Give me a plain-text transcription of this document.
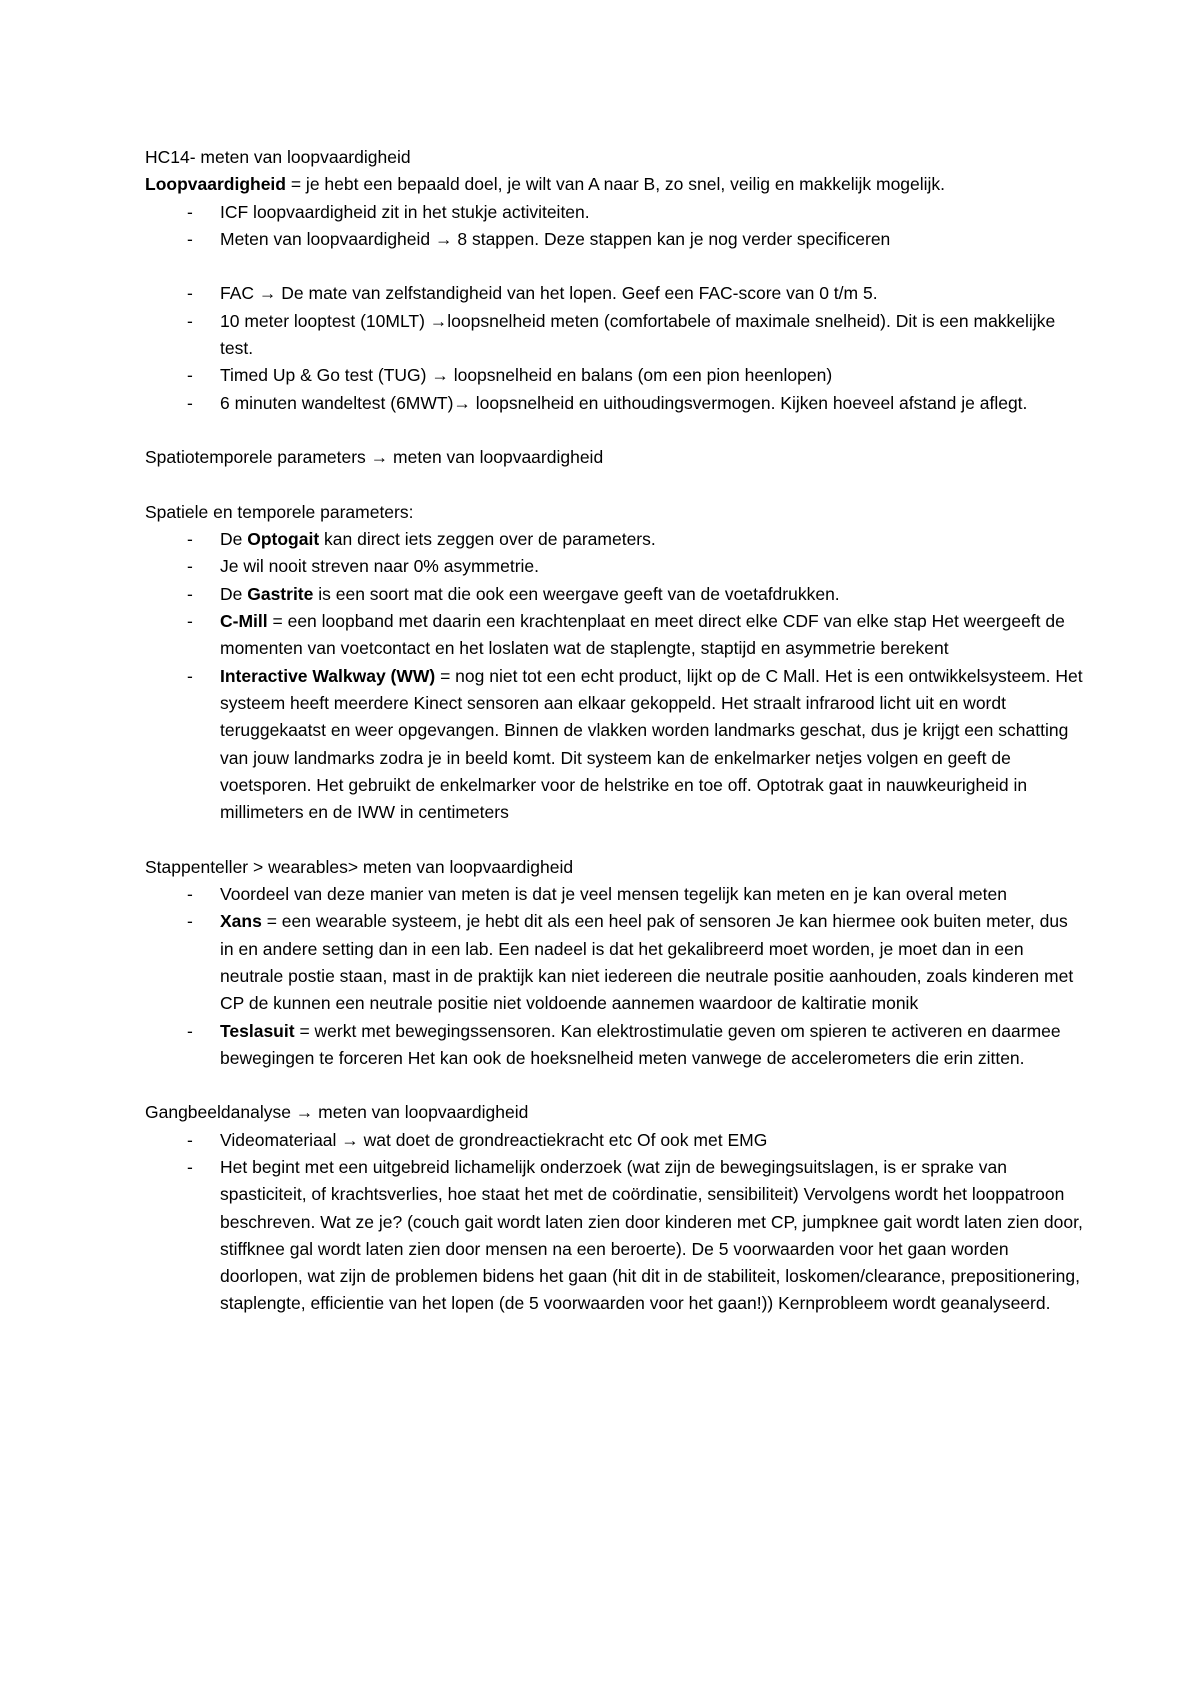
HC14- meten van loopvaardigheid

Loopvaardigheid = je hebt een bepaald doel, je wilt van A naar B, zo snel, veilig en makkelijk mogelijk.

- ICF loopvaardigheid zit in het stukje activiteiten.
- Meten van loopvaardigheid → 8 stappen. Deze stappen kan je nog verder specificeren
- FAC → De mate van zelfstandigheid van het lopen. Geef een FAC-score van 0 t/m 5.
- 10 meter looptest (10MLT) →loopsnelheid meten (comfortabele of maximale snelheid). Dit is een makkelijke test.
- Timed Up & Go test (TUG) → loopsnelheid en balans (om een pion heenlopen)
- 6 minuten wandeltest (6MWT)→ loopsnelheid en uithoudingsvermogen. Kijken hoeveel afstand je aflegt.

Spatiotemporele parameters → meten van loopvaardigheid

Spatiele en temporele parameters:

- De Optogait kan direct iets zeggen over de parameters.
- Je wil nooit streven naar 0% asymmetrie.
- De Gastrite is een soort mat die ook een weergave geeft van de voetafdrukken.
- C-Mill = een loopband met daarin een krachtenplaat en meet direct elke CDF van elke stap Het weergeeft de momenten van voetcontact en het loslaten wat de staplengte, staptijd en asymmetrie berekent
- Interactive Walkway (WW) = nog niet tot een echt product, lijkt op de C Mall. Het is een ontwikkelsysteem. Het systeem heeft meerdere Kinect sensoren aan elkaar gekoppeld. Het straalt infrarood licht uit en wordt teruggekaatst en weer opgevangen. Binnen de vlakken worden landmarks geschat, dus je krijgt een schatting van jouw landmarks zodra je in beeld komt. Dit systeem kan de enkelmarker netjes volgen en geeft de voetsporen. Het gebruikt de enkelmarker voor de helstrike en toe off. Optotrak gaat in nauwkeurigheid in millimeters en de IWW in centimeters

Stappenteller > wearables> meten van loopvaardigheid

- Voordeel van deze manier van meten is dat je veel mensen tegelijk kan meten en je kan overal meten
- Xans = een wearable systeem, je hebt dit als een heel pak of sensoren Je kan hiermee ook buiten meter, dus in en andere setting dan in een lab. Een nadeel is dat het gekalibreerd moet worden, je moet dan in een neutrale postie staan, mast in de praktijk kan niet iedereen die neutrale positie aanhouden, zoals kinderen met CP de kunnen een neutrale positie niet voldoende aannemen waardoor de kaltiratie monik
- Teslasuit = werkt met bewegingssensoren. Kan elektrostimulatie geven om spieren te activeren en daarmee bewegingen te forceren Het kan ook de hoeksnelheid meten vanwege de accelerometers die erin zitten.

Gangbeeldanalyse → meten van loopvaardigheid

- Videomateriaal → wat doet de grondreactiekracht etc Of ook met EMG
- Het begint met een uitgebreid lichamelijk onderzoek (wat zijn de bewegingsuitslagen, is er sprake van spasticiteit, of krachtsverlies, hoe staat het met de coördinatie, sensibiliteit) Vervolgens wordt het looppatroon beschreven. Wat ze je? (couch gait wordt laten zien door kinderen met CP, jumpknee gait wordt laten zien door, stiffknee gal wordt laten zien door mensen na een beroerte). De 5 voorwaarden voor het gaan worden doorlopen, wat zijn de problemen bidens het gaan (hit dit in de stabiliteit, loskomen/clearance, prepositionering, staplengte, efficientie van het lopen (de 5 voorwaarden voor het gaan!)) Kernprobleem wordt geanalyseerd.
